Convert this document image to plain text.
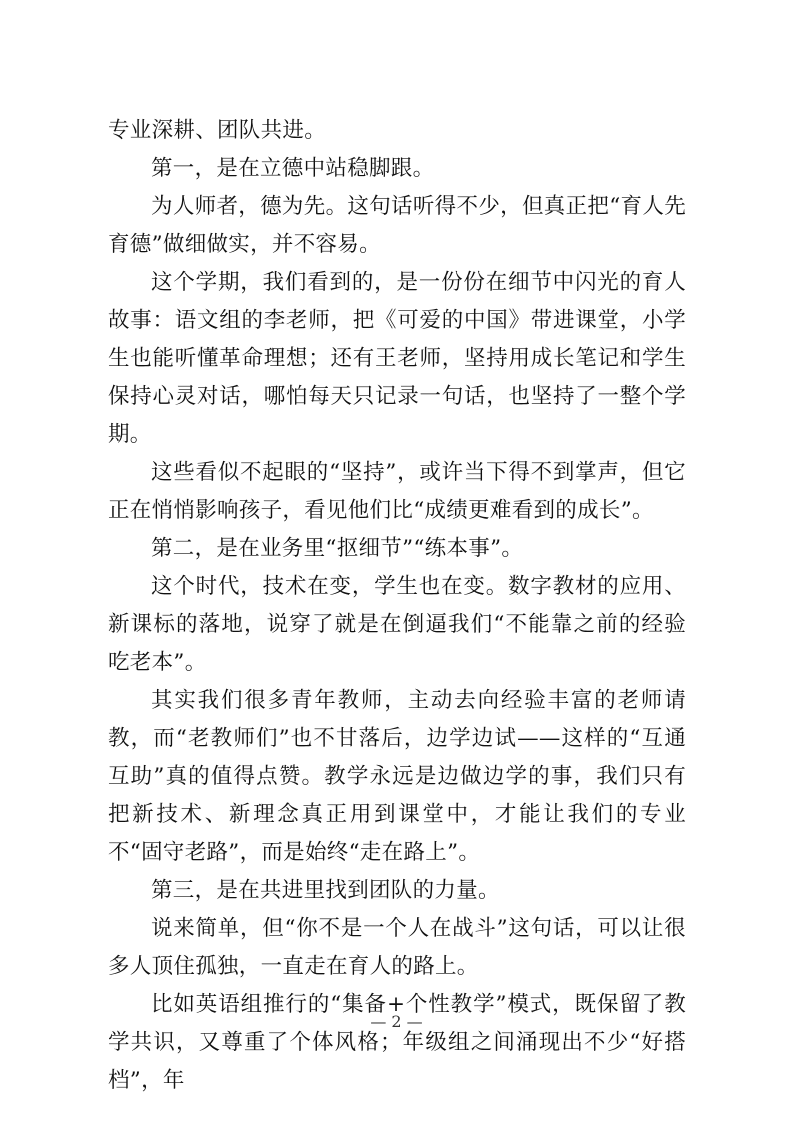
专业深耕、团队共进。

第一，是在立德中站稳脚跟。

为人师者，德为先。这句话听得不少，但真正把“育人先育德”做细做实，并不容易。

这个学期，我们看到的，是一份份在细节中闪光的育人故事：语文组的李老师，把《可爱的中国》带进课堂，小学生也能听懂革命理想；还有王老师，坚持用成长笔记和学生保持心灵对话，哪怕每天只记录一句话，也坚持了一整个学期。

这些看似不起眼的“坚持”，或许当下得不到掌声，但它正在悄悄影响孩子，看见他们比“成绩更难看到的成长”。

第二，是在业务里“抠细节”“练本事”。

这个时代，技术在变，学生也在变。数字教材的应用、新课标的落地，说穿了就是在倒逼我们“不能靠之前的经验吃老本”。

其实我们很多青年教师，主动去向经验丰富的老师请教，而“老教师们”也不甘落后，边学边试——这样的“互通互助”真的值得点赞。教学永远是边做边学的事，我们只有把新技术、新理念真正用到课堂中，才能让我们的专业不“固守老路”，而是始终“走在路上”。

第三，是在共进里找到团队的力量。

说来简单，但“你不是一个人在战斗”这句话，可以让很多人顶住孤独，一直走在育人的路上。

比如英语组推行的“集备+个性教学”模式，既保留了教学共识，又尊重了个体风格；年级组之间涌现出不少“好搭档”，年

— 2 —
